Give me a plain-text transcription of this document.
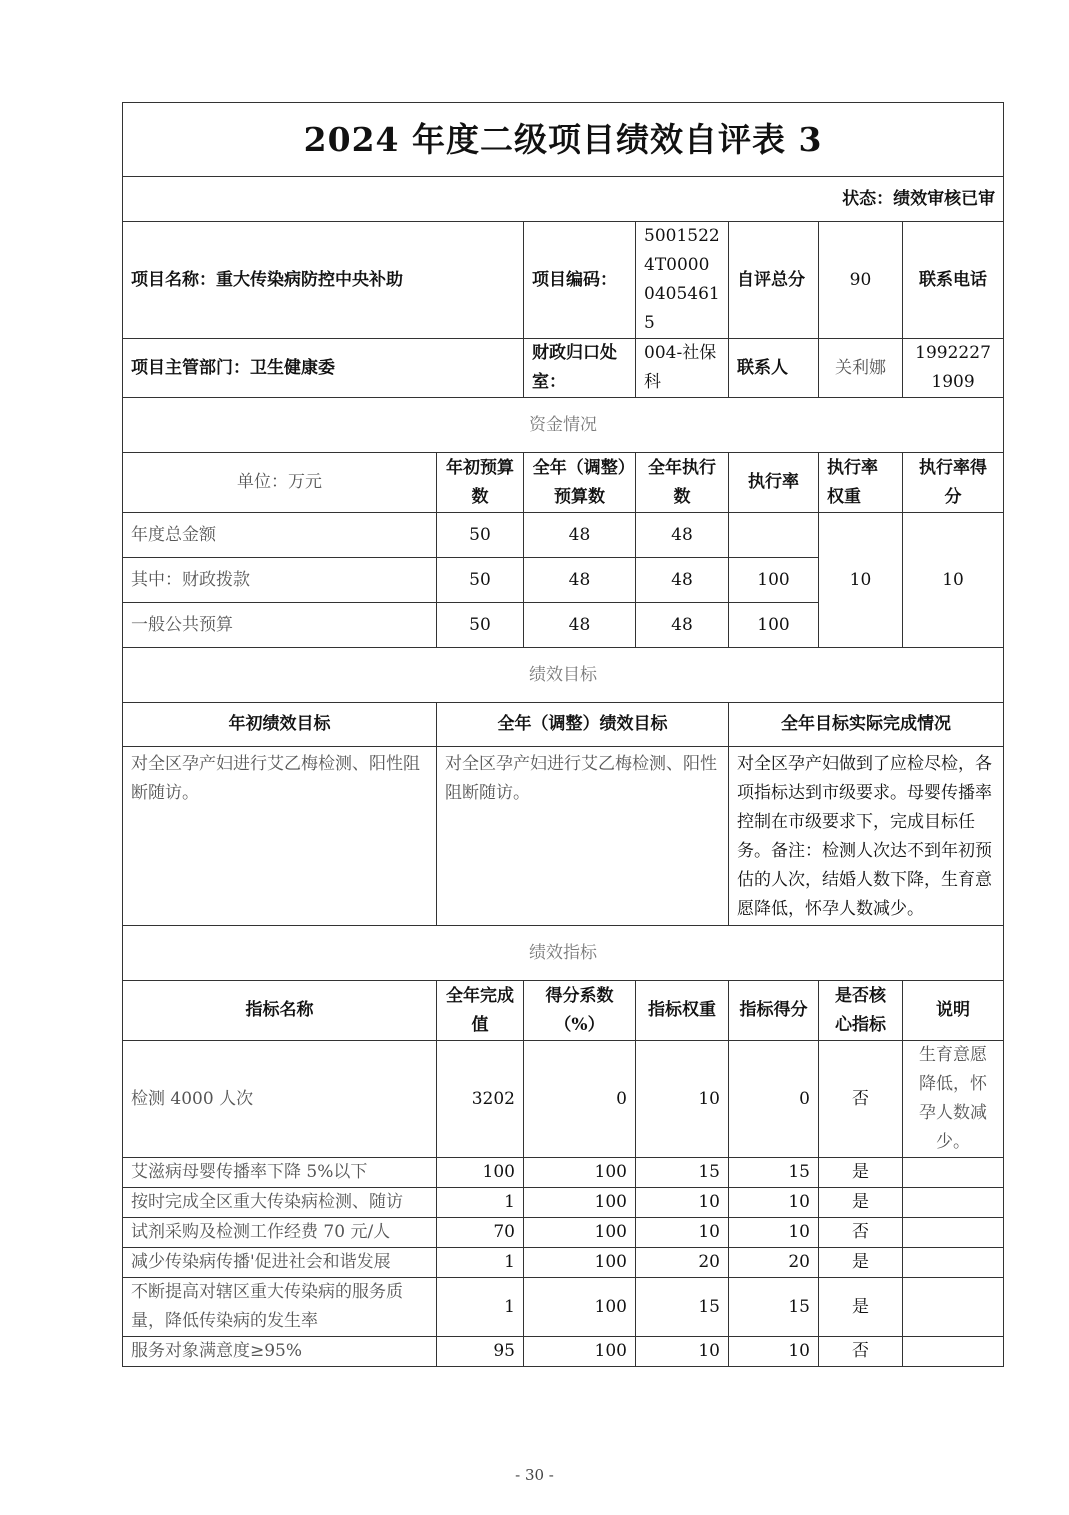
2024 年度二级项目绩效自评表 3						
状态：绩效审核已审						
项目名称：重大传染病防控中央补助		项目编码：	50015224T000004054615	自评总分	90	联系电话
项目主管部门：卫生健康委		财政归口处室：	004-社保科	联系人	关利娜	19922271909
资金情况						
单位：万元	年初预算数	全年（调整）预算数	全年执行数	执行率	执行率权重	执行率得分
年度总金额	50	48	48		10	10
其中：财政拨款	50	48	48	100		
一般公共预算	50	48	48	100		
绩效目标						
年初绩效目标	全年（调整）绩效目标			全年目标实际完成情况		
对全区孕产妇进行艾乙梅检测、阳性阻断随访。	对全区孕产妇进行艾乙梅检测、阳性阻断随访。			对全区孕产妇做到了应检尽检，各项指标达到市级要求。母婴传播率控制在市级要求下，完成目标任务。备注：检测人次达不到年初预估的人次，结婚人数下降，生育意愿降低，怀孕人数减少。		
绩效指标						
指标名称	全年完成值	得分系数（%）	指标权重	指标得分	是否核心指标	说明
检测 4000 人次	3202	0	10	0	否	生育意愿降低，怀孕人数减少。
艾滋病母婴传播率下降 5%以下	100	100	15	15	是	
按时完成全区重大传染病检测、随访	1	100	10	10	是	
试剂采购及检测工作经费 70 元/人	70	100	10	10	否	
减少传染病传播'促进社会和谐发展	1	100	20	20	是	
不断提高对辖区重大传染病的服务质量，降低传染病的发生率	1	100	15	15	是	
服务对象满意度≥95%	95	100	10	10	否	
- 30 -
